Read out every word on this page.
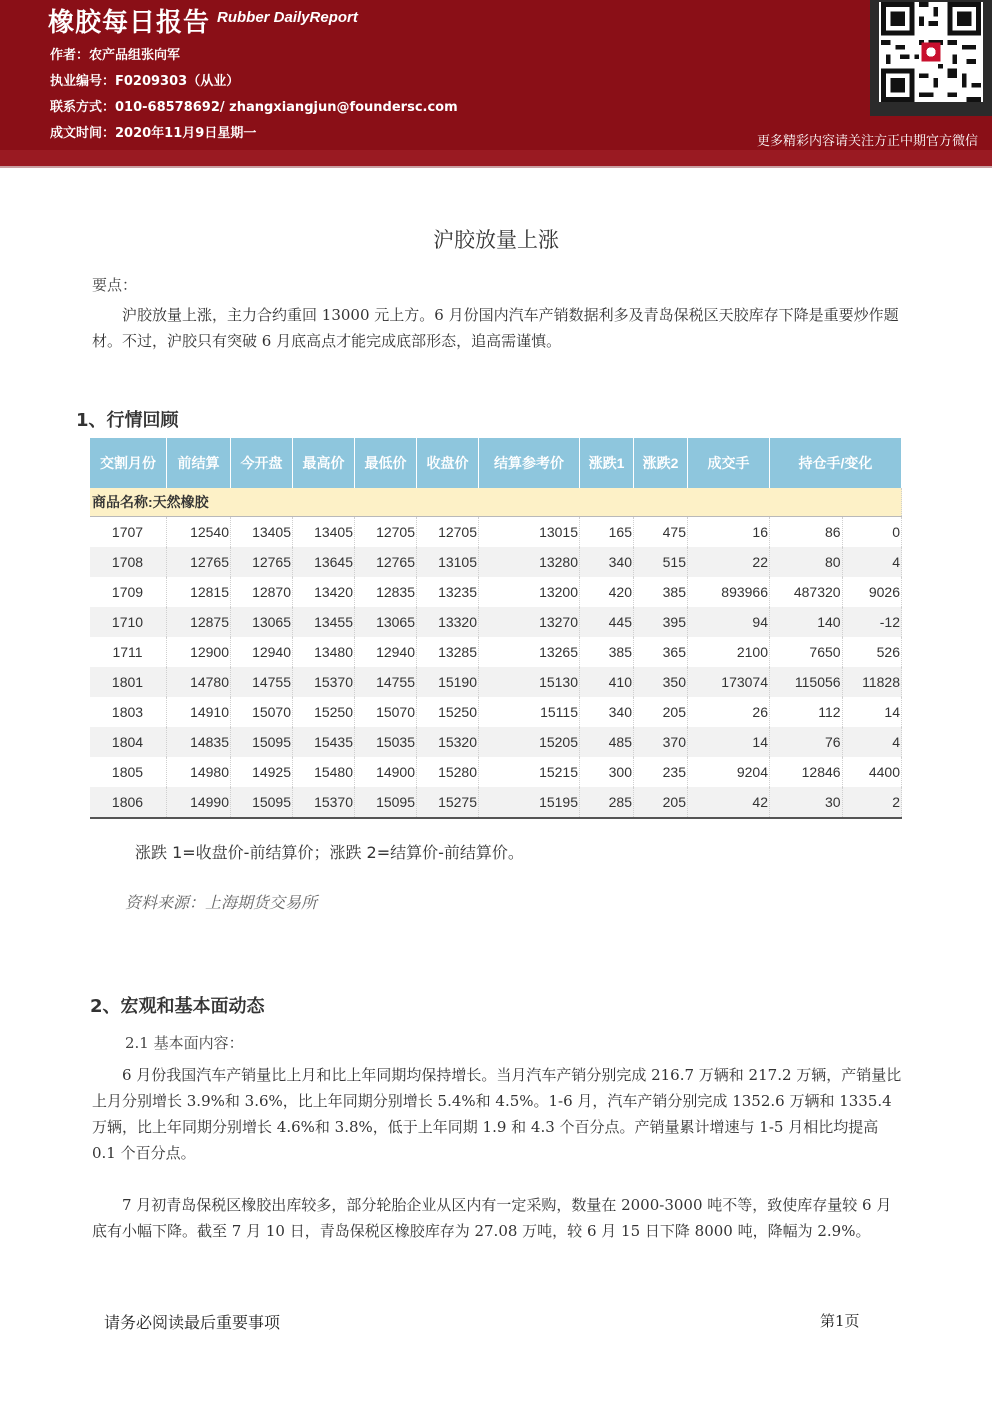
橡胶每日报告 Rubber DailyReport
作者：农产品组张向军
执业编号：F0209303（从业）
联系方式：010-68578692/ zhangxiangjun@foundersc.com
成文时间：2020年11月9日星期一
更多精彩内容请关注方正中期官方微信
沪胶放量上涨
要点：

沪胶放量上涨，主力合约重回 13000 元上方。6 月份国内汽车产销数据利多及青岛保税区天胶库存下降是重要炒作题材。不过，沪胶只有突破 6 月底高点才能完成底部形态，追高需谨慎。

1、行情回顾
交割月份	前结算	今开盘	最高价	最低价	收盘价	结算参考价	涨跌1	涨跌2	成交手	持仓手/变化	
商品名称:天然橡胶											
1707	12540	13405	13405	12705	12705	13015	165	475	16	86	0
1708	12765	12765	13645	12765	13105	13280	340	515	22	80	4
1709	12815	12870	13420	12835	13235	13200	420	385	893966	487320	9026
1710	12875	13065	13455	13065	13320	13270	445	395	94	140	-12
1711	12900	12940	13480	12940	13285	13265	385	365	2100	7650	526
1801	14780	14755	15370	14755	15190	15130	410	350	173074	115056	11828
1803	14910	15070	15250	15070	15250	15115	340	205	26	112	14
1804	14835	15095	15435	15035	15320	15205	485	370	14	76	4
1805	14980	14925	15480	14900	15280	15215	300	235	9204	12846	4400
1806	14990	15095	15370	15095	15275	15195	285	205	42	30	2
涨跌 1=收盘价-前结算价；涨跌 2=结算价-前结算价。
资料来源：上海期货交易所
2、宏观和基本面动态
2.1 基本面内容：

6 月份我国汽车产销量比上月和比上年同期均保持增长。当月汽车产销分别完成 216.7 万辆和 217.2 万辆，产销量比上月分别增长 3.9%和 3.6%，比上年同期分别增长 5.4%和 4.5%。1-6 月，汽车产销分别完成 1352.6 万辆和 1335.4 万辆，比上年同期分别增长 4.6%和 3.8%，低于上年同期 1.9 和 4.3 个百分点。产销量累计增速与 1-5 月相比均提高 0.1 个百分点。

7 月初青岛保税区橡胶出库较多，部分轮胎企业从区内有一定采购，数量在 2000-3000 吨不等，致使库存量较 6 月底有小幅下降。截至 7 月 10 日，青岛保税区橡胶库存为 27.08 万吨，较 6 月 15 日下降 8000 吨，降幅为 2.9%。

请务必阅读最后重要事项	第1页
